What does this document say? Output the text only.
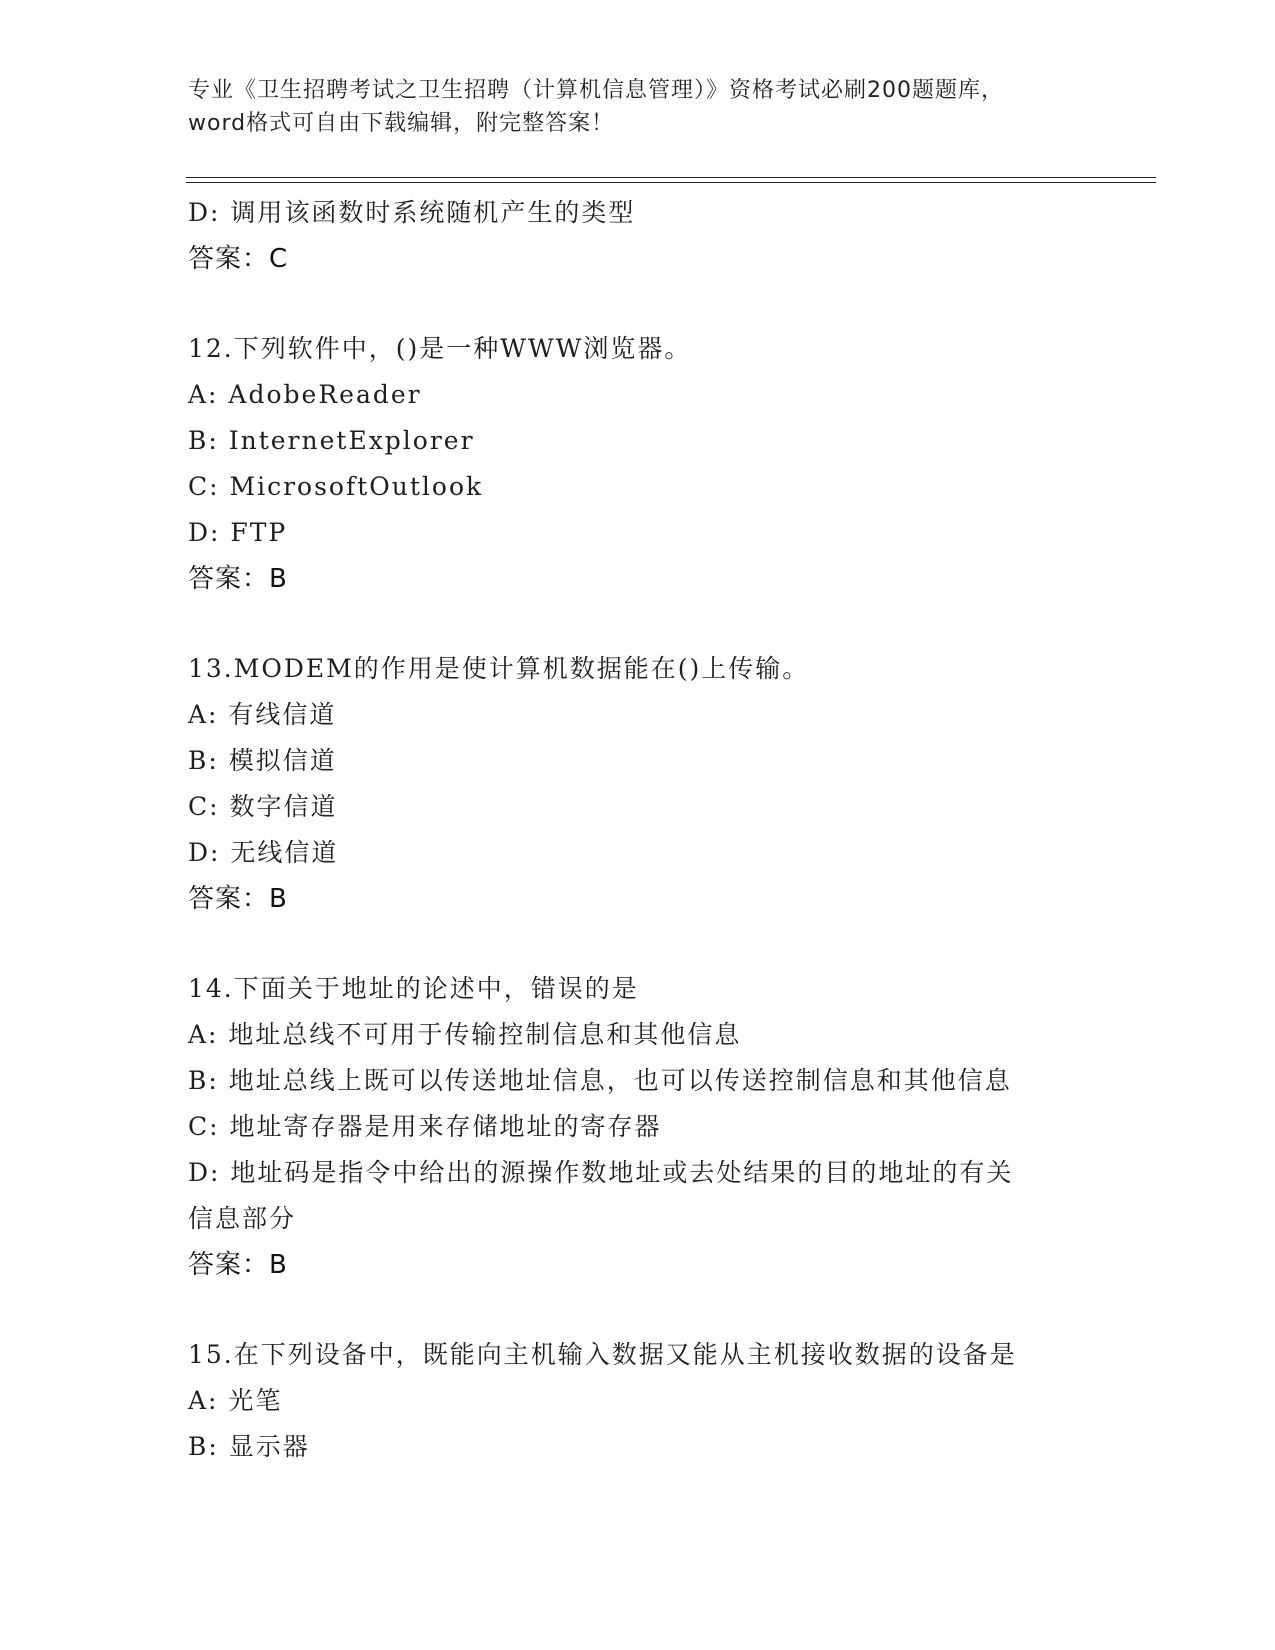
专业《卫生招聘考试之卫生招聘（计算机信息管理）》资格考试必刷200题题库，
word格式可自由下载编辑，附完整答案！
D: 调用该函数时系统随机产生的类型
答案：C
12.下列软件中，()是一种WWW浏览器。
A: AdobeReader
B: InternetExplorer
C: MicrosoftOutlook
D: FTP
答案：B
13.MODEM的作用是使计算机数据能在()上传输。
A: 有线信道
B: 模拟信道
C: 数字信道
D: 无线信道
答案：B
14.下面关于地址的论述中，错误的是
A: 地址总线不可用于传输控制信息和其他信息
B: 地址总线上既可以传送地址信息，也可以传送控制信息和其他信息
C: 地址寄存器是用来存储地址的寄存器
D: 地址码是指令中给出的源操作数地址或去处结果的目的地址的有关
信息部分
答案：B
15.在下列设备中，既能向主机输入数据又能从主机接收数据的设备是
A: 光笔
B: 显示器
